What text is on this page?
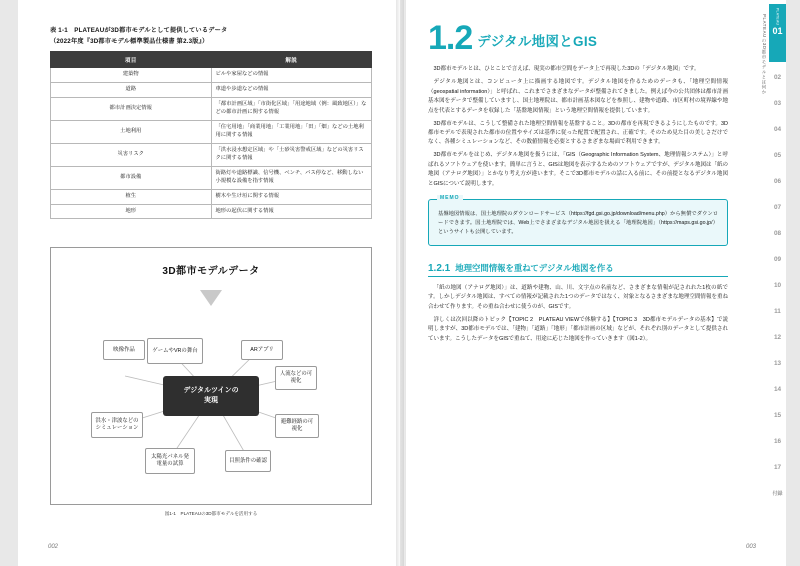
表 1-1　PLATEAUが3D都市モデルとして提供しているデータ
（2022年度『3D都市モデル標準製品仕様書 第2.3版』）
項目	解説
建築物	ビルや家屋などの情報
道路	車道や歩道などの情報
都市計画決定情報	「都市計画区域」「市街化区域」「用途地域（例：風致地区）」などの都市計画に関する情報
土地利用	「住宅用地」「商業用地」「工業用地」「田」「畑」などの土地利用に関する情報
災害リスク	「洪水浸水想定区域」や「土砂災害警戒区域」などの災害リスクに関する情報
都市設備	街路灯や道路標識、信号機、ベンチ、バス停など、移動しない小規模な設備を指す情報
植生	樹木や生け垣に関する情報
地形	地形の起伏に関する情報
3D都市モデルデータ
デジタルツインの
実現
ゲームやVRの舞台	ARアプリ
人流などの可視化
避難経路の可視化
目照条件の確認
太陽光パネル発電量の試算
洪水・津波などのシミュレーション
映像作品
図1-1　PLATEAUの3D都市モデルを活用する
002
1.2 デジタル地図とGIS

3D都市モデルとは、ひとことで言えば、現実の都市空間をデータ上で再現した3Dの「デジタル地図」です。

デジタル地図とは、コンピュータ上に描画する地図です。デジタル地図を作るためのデータも、「地理空間情報（geospatial information）」と呼ばれ、これまでさまざまなデータが整備されてきました。例えば今の公共団体は都市計画基本図をデータで整備していますし、国土地理院は、都市計画基本図などを参照し、建物や道路、市区町村の境界線や地点を代表とするデータを収録した「基盤地図情報」という地理空間情報を提供しています。

3D都市モデルは、こうして整備された地理空間情報を基盤すること。3Dの都市を再現できるようにしたものです。3D都市モデルで表現された都市の位置やサイズは基準に従った配置で配置され、正確です。そのため見た目の美しさだけでなく、各種シミュレーションなど、その数値情報を必要とするさまざまな場面で利用できます。

3D都市モデルをはじめ、デジタル地図を扱うには、「GIS（Geographic Information System、地理情報システム）」と呼ばれるソフトウェアを使います。簡単に言うと、GISは地図を表示するためのソフトウェアですが、デジタル地図は「紙の地図（アナログ地図）」とかなり考え方が違います。そこで3D都市モデルの話に入る前に、その前提となるデジタル地図とGISについて説明します。

MEMO

基盤地図情報は、国土地理院のダウンロードサービス（https://fgd.gsi.go.jp/download/menu.php）から無償でダウンロードできます。国土地理院では、Web上でさまざまなデジタル地図を扱える「地理院地図」（https://maps.gsi.go.jp/）というサイトも公開しています。

1.2.1 地理空間情報を重ねてデジタル地図を作る

「紙の地図（アナログ地図）」は、道路や建物、山、川、文字点の名前など、さまざまな情報が記されれた1枚の紙です。しかしデジタル地図は、すべての情報が記載された1つのデータではなく、対象となるさまざまな地理空間情報を重ね合わせて作ります。その重ね合わせに使うのが、GISです。

詳しくは次回以降のトピック【TOPIC 2　PLATEAU VIEWで体験する】【TOPIC 3　3D都市モデルデータの基本】で説明しますが、3D都市モデルでは、「建物」「道路」「地形」「都市計画の区域」などが、それぞれ別のデータとして提供されています。こうしたデータをGISで重ねて、用途に応じた地図を作っていきます（図1-2）。

PLATEAUの3D都市モデルとは何か	PLATEAU
01
02
03
04
05
06
07
08
09
10
11
12
13
14
15
16
17
付録
003
